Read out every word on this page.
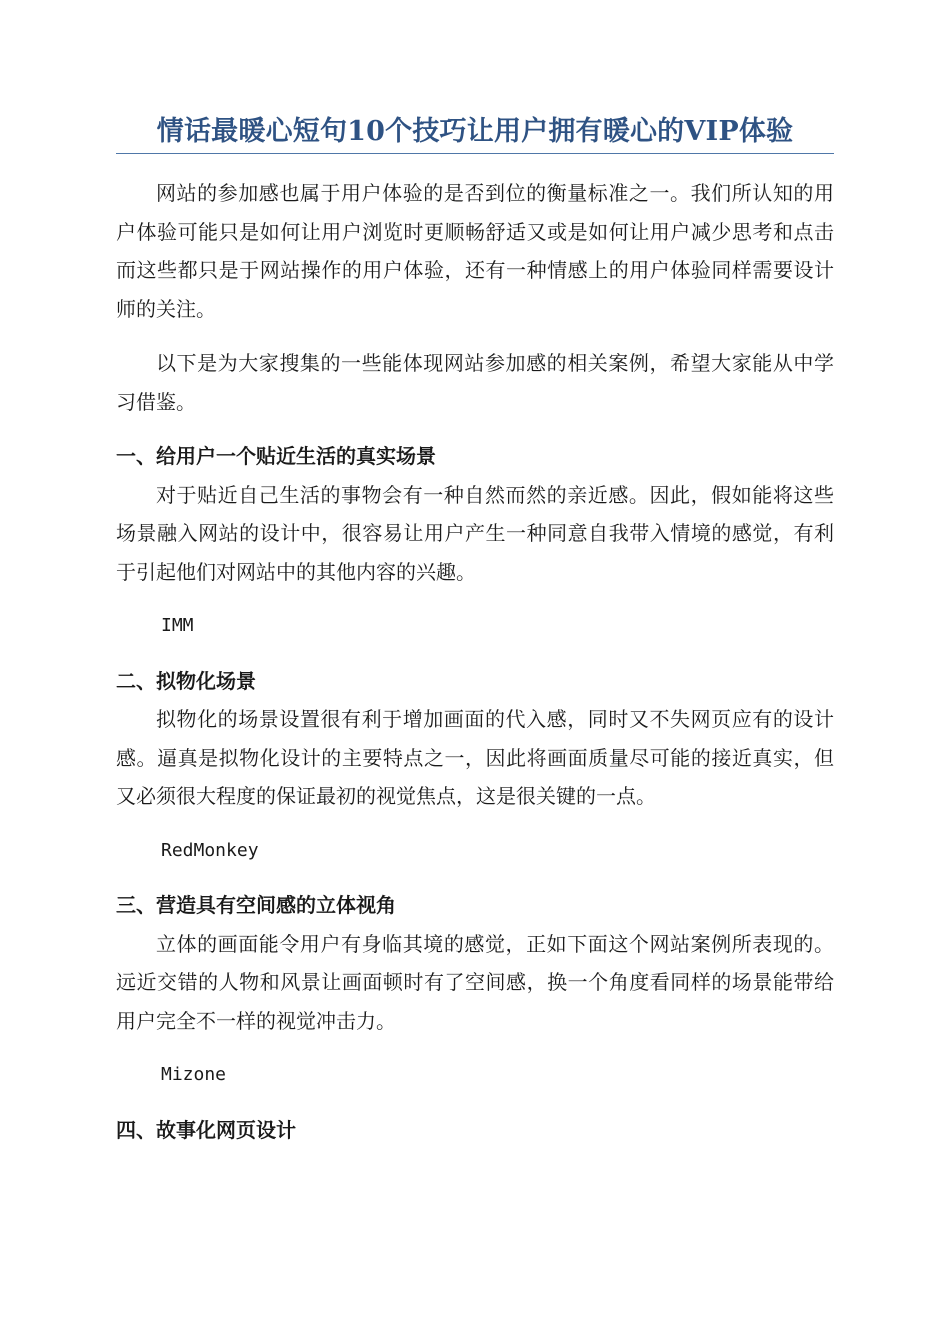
情话最暖心短句10个技巧让用户拥有暖心的VIP体验

网站的参加感也属于用户体验的是否到位的衡量标准之一。我们所认知的用户体验可能只是如何让用户浏览时更顺畅舒适又或是如何让用户减少思考和点击而这些都只是于网站操作的用户体验，还有一种情感上的用户体验同样需要设计师的关注。

以下是为大家搜集的一些能体现网站参加感的相关案例，希望大家能从中学习借鉴。

一、给用户一个贴近生活的真实场景

对于贴近自己生活的事物会有一种自然而然的亲近感。因此，假如能将这些场景融入网站的设计中，很容易让用户产生一种同意自我带入情境的感觉，有利于引起他们对网站中的其他内容的兴趣。

IMM

二、拟物化场景

拟物化的场景设置很有利于增加画面的代入感，同时又不失网页应有的设计感。逼真是拟物化设计的主要特点之一，因此将画面质量尽可能的接近真实，但又必须很大程度的保证最初的视觉焦点，这是很关键的一点。

RedMonkey

三、营造具有空间感的立体视角

立体的画面能令用户有身临其境的感觉，正如下面这个网站案例所表现的。远近交错的人物和风景让画面顿时有了空间感，换一个角度看同样的场景能带给用户完全不一样的视觉冲击力。

Mizone

四、故事化网页设计
